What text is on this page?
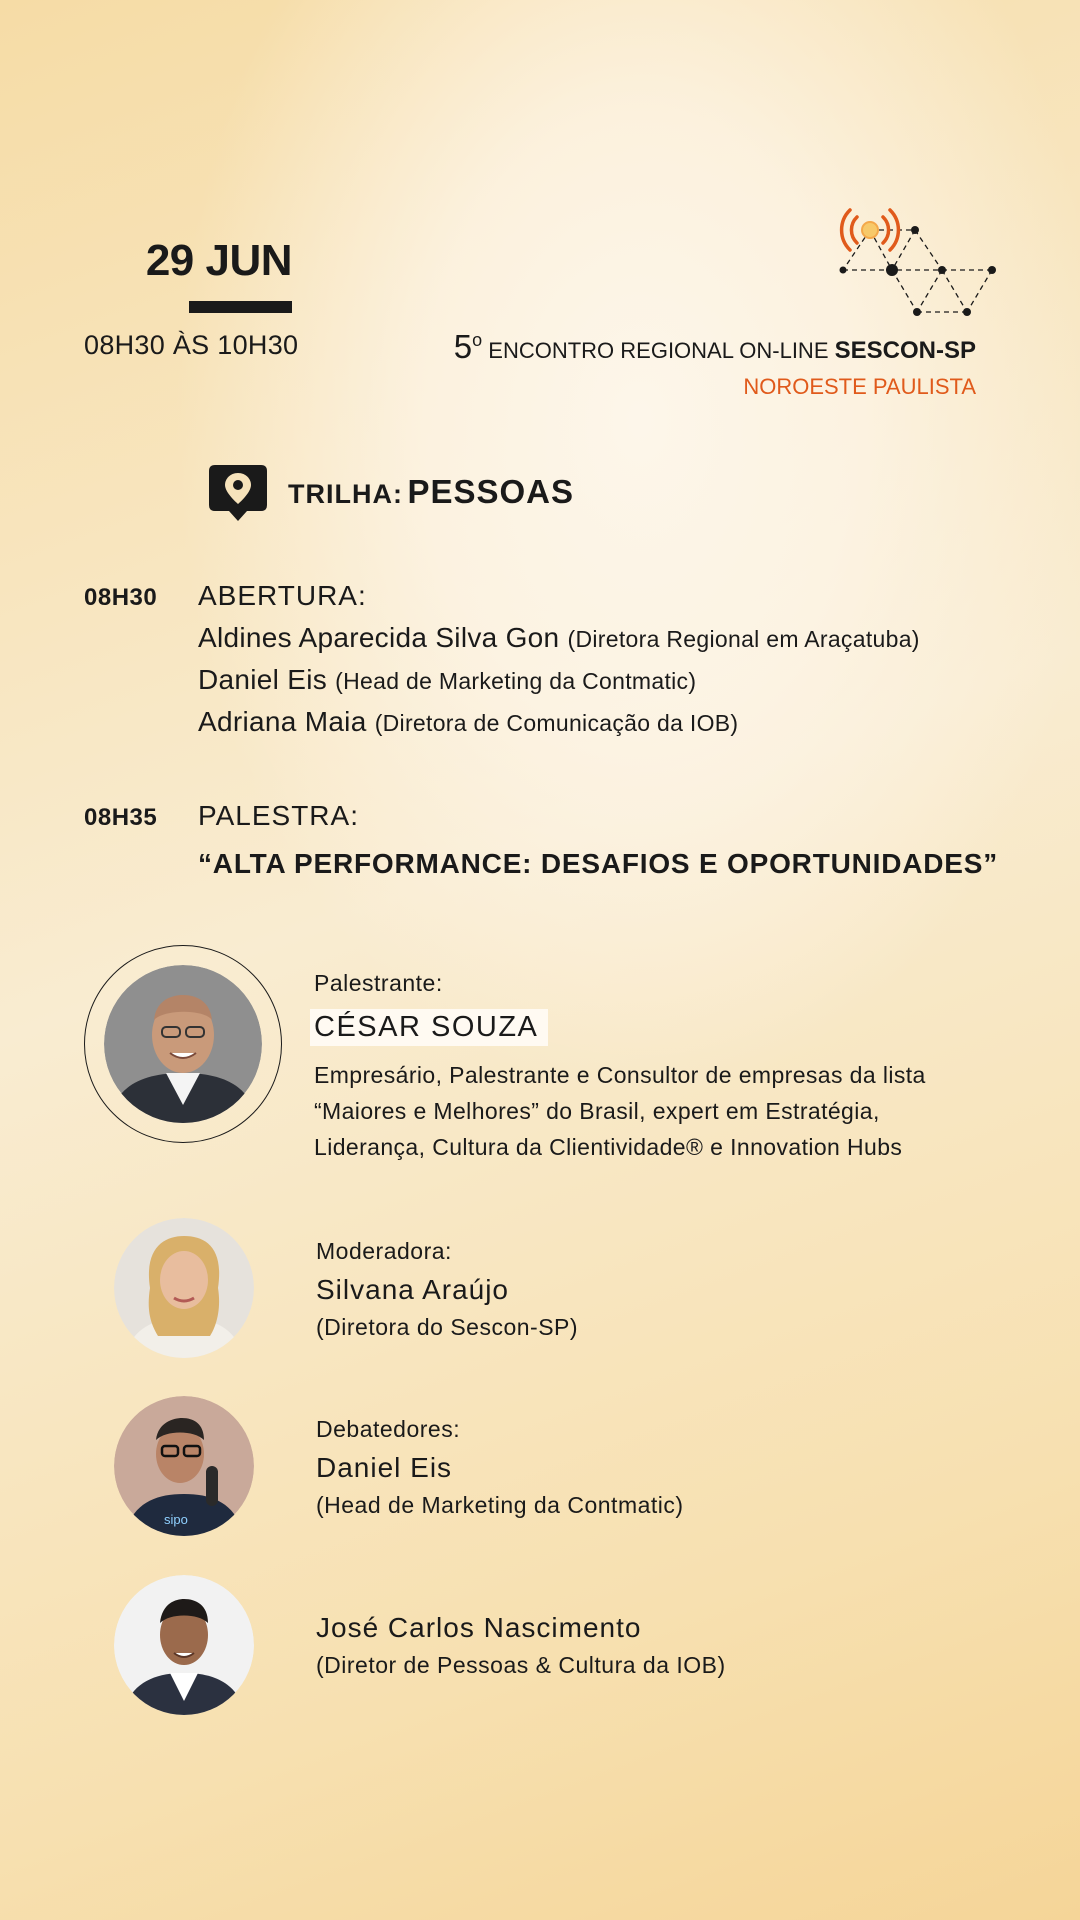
29 JUN
08H30 ÀS 10H30	5$^o$ ENCONTRO REGIONAL ON-LINE SESCON-SP
NOROESTE PAULISTA
TRILHA: PESSOAS
08H30 ABERTURA:
Aldines Aparecida Silva Gon (Diretora Regional em Araçatuba)
Daniel Eis (Head de Marketing da Contmatic)
Adriana Maia (Diretora de Comunicação da IOB)
08H35 PALESTRA:
“ALTA PERFORMANCE: DESAFIOS E OPORTUNIDADES”
Palestrante:
CÉSAR SOUZA
Empresário, Palestrante e Consultor de empresas da lista
“Maiores e Melhores” do Brasil, expert em Estratégia,
Liderança, Cultura da Clientividade® e Innovation Hubs
Moderadora:
Silvana Araújo
(Diretora do Sescon-SP)
sipo
Debatedores:
Daniel Eis
(Head de Marketing da Contmatic)
José Carlos Nascimento
(Diretor de Pessoas & Cultura da IOB)
